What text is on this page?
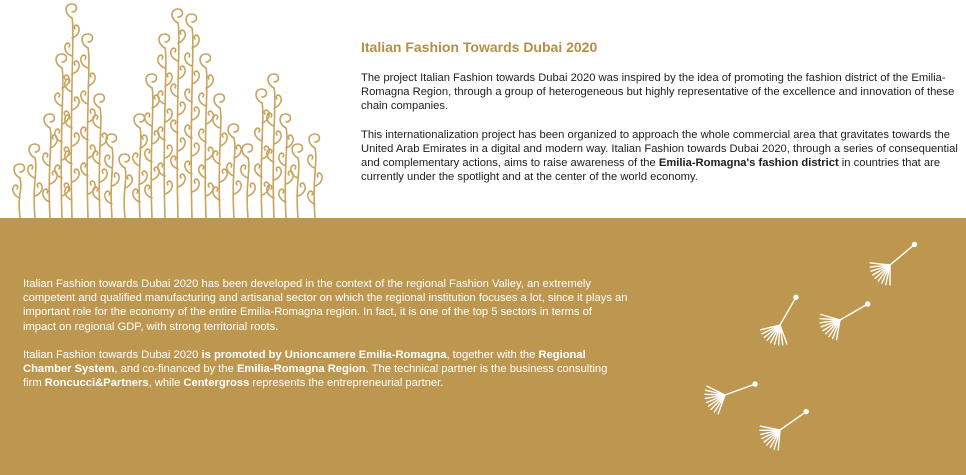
Italian Fashion Towards Dubai 2020

The project Italian Fashion towards Dubai 2020 was inspired by the idea of promoting the fashion district of the Emilia-Romagna Region, through a group of heterogeneous but highly representative of the excellence and innovation of these chain companies.

This internationalization project has been organized to approach the whole commercial area that gravitates towards the United Arab Emirates in a digital and modern way. Italian Fashion towards Dubai 2020, through a series of consequential and complementary actions, aims to raise awareness of the Emilia-Romagna's fashion district in countries that are currently under the spotlight and at the center of the world economy.

Italian Fashion towards Dubai 2020 has been developed in the context of the regional Fashion Valley, an extremely competent and qualified manufacturing and artisanal sector on which the regional institution focuses a lot, since it plays an important role for the economy of the entire Emilia-Romagna region. In fact, it is one of the top 5 sectors in terms of impact on regional GDP, with strong territorial roots.

Italian Fashion towards Dubai 2020 is promoted by Unioncamere Emilia-Romagna, together with the Regional Chamber System, and co-financed by the Emilia-Romagna Region. The technical partner is the business consulting firm Roncucci&Partners, while Centergross represents the entrepreneurial partner.
